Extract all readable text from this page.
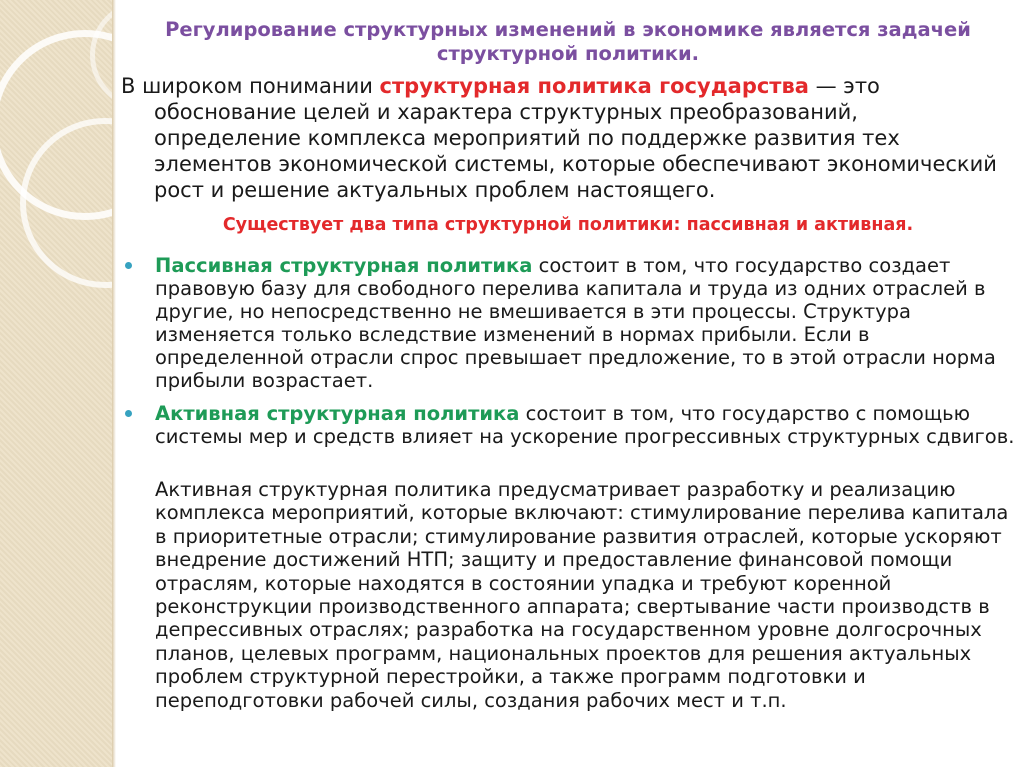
Регулирование структурных изменений в экономике является задачей структурной политики.
В широком понимании структурная политика государства — это обоснование целей и характера структурных преобразований, определение комплекса мероприятий по поддержке развития тех элементов экономической системы, которые обеспечивают экономический рост и решение актуальных проблем настоящего.
Существует два типа структурной политики: пассивная и активная.
Пассивная структурная политика состоит в том, что государство создает правовую базу для свободного перелива капитала и труда из одних отраслей в другие, но непосредственно не вмешивается в эти процессы. Структура изменяется только вследствие изменений в нормах прибыли. Если в определенной отрасли спрос превышает предложение, то в этой отрасли норма прибыли возрастает.
Активная структурная политика состоит в том, что государство с помощью системы мер и средств влияет на ускорение прогрессивных структурных сдвигов.
Активная структурная политика предусматривает разработку и реализацию комплекса мероприятий, которые включают: стимулирование перелива капитала в приоритетные отрасли; стимулирование развития отраслей, которые ускоряют внедрение достижений НТП; защиту и предоставление финансовой помощи отраслям, которые находятся в состоянии упадка и требуют коренной реконструкции производственного аппарата; свертывание части производств в депрессивных отраслях; разработка на государственном уровне долгосрочных планов, целевых программ, национальных проектов для решения актуальных проблем структурной перестройки, а также программ подготовки и переподготовки рабочей силы, создания рабочих мест и т.п.
